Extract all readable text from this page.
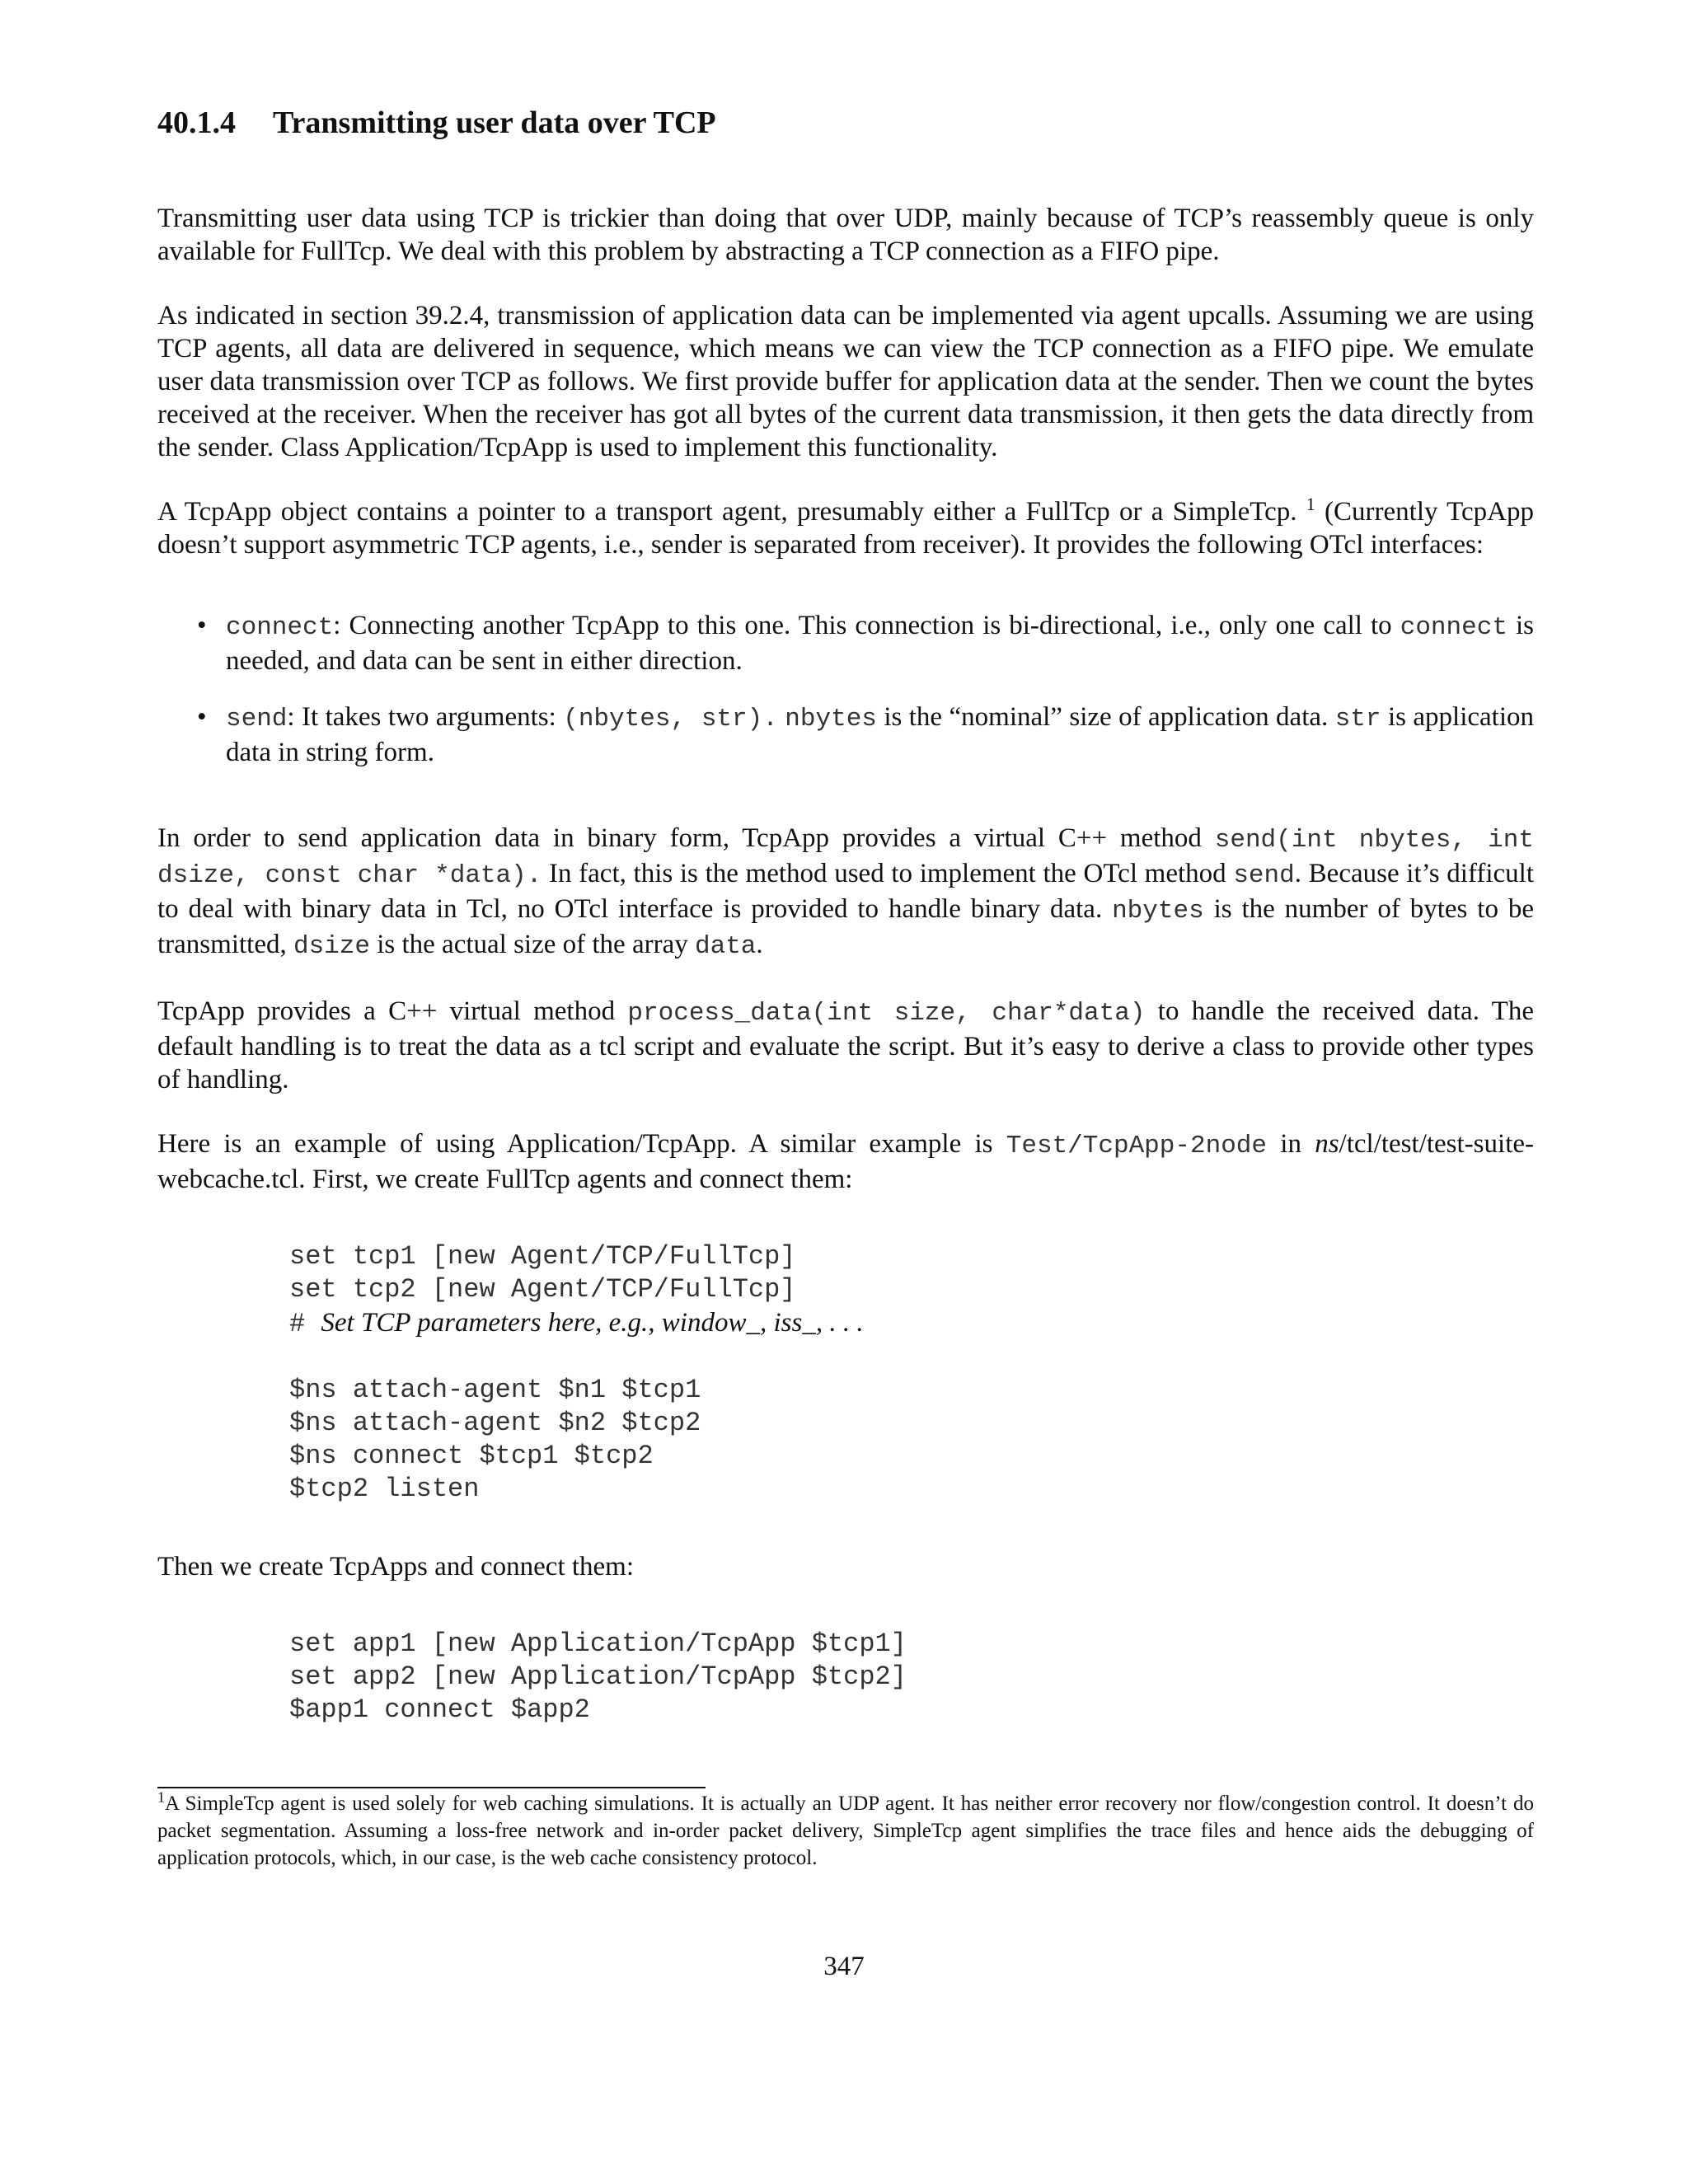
40.1.4 Transmitting user data over TCP

Transmitting user data using TCP is trickier than doing that over UDP, mainly because of TCP’s reassembly queue is only available for FullTcp. We deal with this problem by abstracting a TCP connection as a FIFO pipe.

As indicated in section 39.2.4, transmission of application data can be implemented via agent upcalls. Assuming we are using TCP agents, all data are delivered in sequence, which means we can view the TCP connection as a FIFO pipe. We emulate user data transmission over TCP as follows. We first provide buffer for application data at the sender. Then we count the bytes received at the receiver. When the receiver has got all bytes of the current data transmission, it then gets the data directly from the sender. Class Application/TcpApp is used to implement this functionality.

A TcpApp object contains a pointer to a transport agent, presumably either a FullTcp or a SimpleTcp. $^1$ (Currently TcpApp doesn’t support asymmetric TCP agents, i.e., sender is separated from receiver). It provides the following OTcl interfaces:

• connect: Connecting another TcpApp to this one. This connection is bi-directional, i.e., only one call to connect is needed, and data can be sent in either direction.
• send: It takes two arguments: (nbytes, str). nbytes is the “nominal” size of application data. str is application data in string form.

In order to send application data in binary form, TcpApp provides a virtual C++ method send(int nbytes, int dsize, const char *data). In fact, this is the method used to implement the OTcl method send. Because it’s difficult to deal with binary data in Tcl, no OTcl interface is provided to handle binary data. nbytes is the number of bytes to be transmitted, dsize is the actual size of the array data.

TcpApp provides a C++ virtual method process_data(int size, char*data) to handle the received data. The default handling is to treat the data as a tcl script and evaluate the script. But it’s easy to derive a class to provide other types of handling.

Here is an example of using Application/TcpApp. A similar example is Test/TcpApp-2node in ns/tcl/test/test-suite-webcache.tcl. First, we create FullTcp agents and connect them:

set tcp1 [new Agent/TCP/FullTcp]
set tcp2 [new Agent/TCP/FullTcp]
# Set TCP parameters here, e.g., window_, iss_, . . .
$ns attach-agent $n1 $tcp1
$ns attach-agent $n2 $tcp2
$ns connect $tcp1 $tcp2
$tcp2 listen

Then we create TcpApps and connect them:

set app1 [new Application/TcpApp $tcp1]
set app2 [new Application/TcpApp $tcp2]
$app1 connect $app2
$^1$A SimpleTcp agent is used solely for web caching simulations. It is actually an UDP agent. It has neither error recovery nor flow/congestion control. It doesn’t do packet segmentation. Assuming a loss-free network and in-order packet delivery, SimpleTcp agent simplifies the trace files and hence aids the debugging of application protocols, which, in our case, is the web cache consistency protocol.
347
